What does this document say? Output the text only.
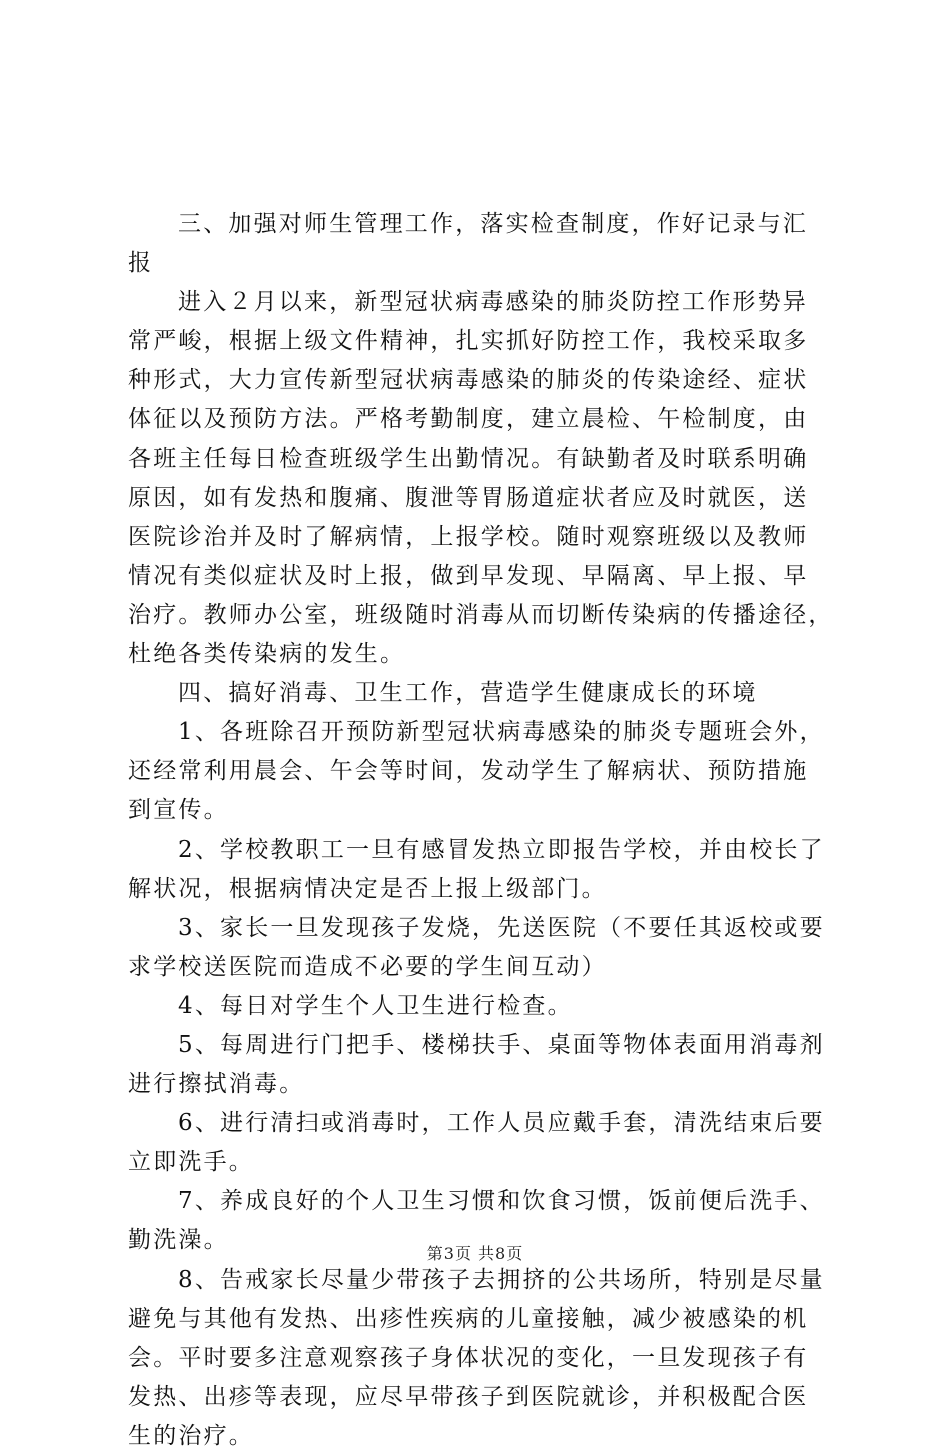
三、加强对师生管理工作，落实检查制度，作好记录与汇
报
进入２月以来，新型冠状病毒感染的肺炎防控工作形势异
常严峻，根据上级文件精神，扎实抓好防控工作，我校采取多
种形式，大力宣传新型冠状病毒感染的肺炎的传染途经、症状
体征以及预防方法。严格考勤制度，建立晨检、午检制度，由
各班主任每日检查班级学生出勤情况。有缺勤者及时联系明确
原因，如有发热和腹痛、腹泄等胃肠道症状者应及时就医，送
医院诊治并及时了解病情，上报学校。随时观察班级以及教师
情况有类似症状及时上报，做到早发现、早隔离、早上报、早
治疗。教师办公室，班级随时消毒从而切断传染病的传播途径，
杜绝各类传染病的发生。
四、搞好消毒、卫生工作，营造学生健康成长的环境
1、各班除召开预防新型冠状病毒感染的肺炎专题班会外，
还经常利用晨会、午会等时间，发动学生了解病状、预防措施
到宣传。
2、学校教职工一旦有感冒发热立即报告学校，并由校长了
解状况，根据病情决定是否上报上级部门。
3、家长一旦发现孩子发烧，先送医院（不要任其返校或要
求学校送医院而造成不必要的学生间互动）
4、每日对学生个人卫生进行检查。
5、每周进行门把手、楼梯扶手、桌面等物体表面用消毒剂
进行擦拭消毒。
6、进行清扫或消毒时，工作人员应戴手套，清洗结束后要
立即洗手。
7、养成良好的个人卫生习惯和饮食习惯，饭前便后洗手、
勤洗澡。
8、告戒家长尽量少带孩子去拥挤的公共场所，特别是尽量
避免与其他有发热、出疹性疾病的儿童接触，减少被感染的机
会。平时要多注意观察孩子身体状况的变化，一旦发现孩子有
发热、出疹等表现，应尽早带孩子到医院就诊，并积极配合医
生的治疗。
第3页 共8页
